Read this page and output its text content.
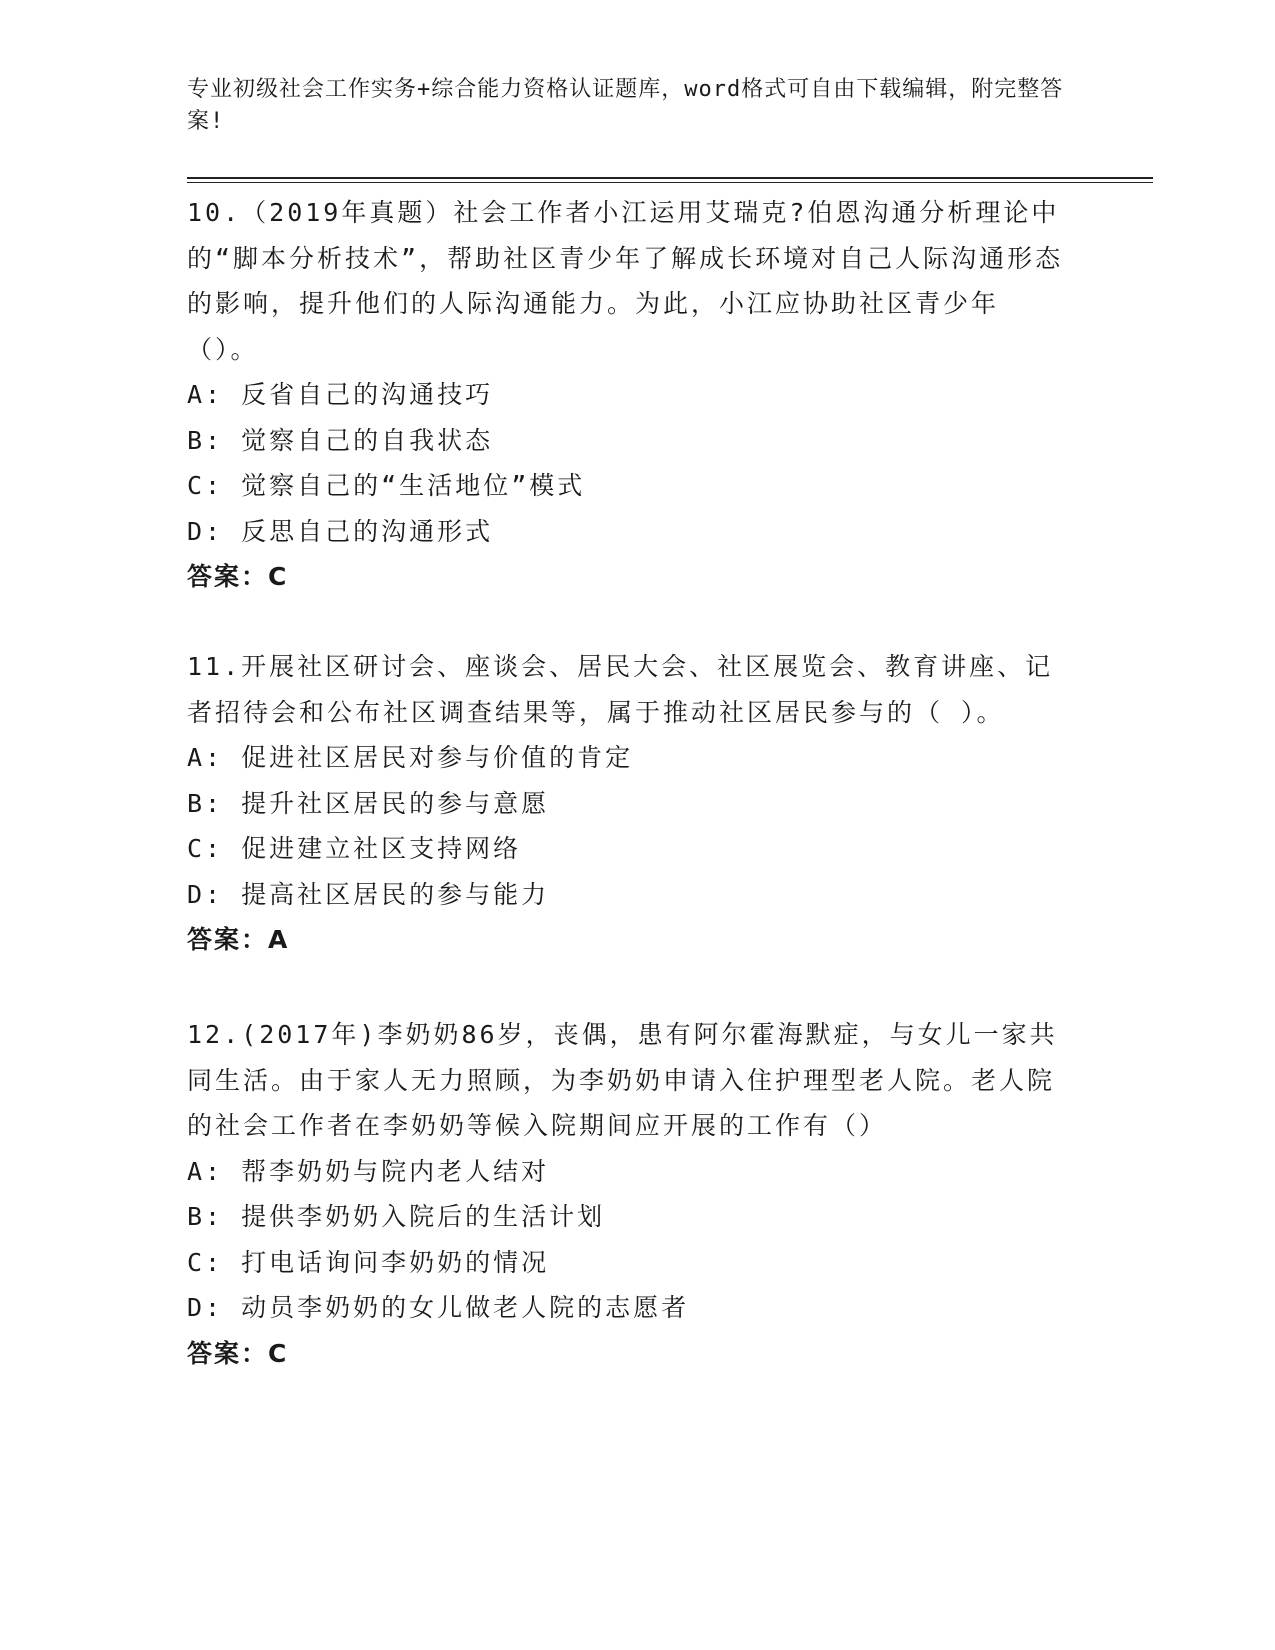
专业初级社会工作实务+综合能力资格认证题库，word格式可自由下载编辑，附完整答案!
10.（2019年真题）社会工作者小江运用艾瑞克?伯恩沟通分析理论中的“脚本分析技术”，帮助社区青少年了解成长环境对自己人际沟通形态的影响，提升他们的人际沟通能力。为此，小江应协助社区青少年（）。
A: 反省自己的沟通技巧
B: 觉察自己的自我状态
C: 觉察自己的“生活地位”模式
D: 反思自己的沟通形式
答案：C
11.开展社区研讨会、座谈会、居民大会、社区展览会、教育讲座、记者招待会和公布社区调查结果等，属于推动社区居民参与的（ ）。
A: 促进社区居民对参与价值的肯定
B: 提升社区居民的参与意愿
C: 促进建立社区支持网络
D: 提高社区居民的参与能力
答案：A
12.(2017年)李奶奶86岁，丧偶，患有阿尔霍海默症，与女儿一家共同生活。由于家人无力照顾，为李奶奶申请入住护理型老人院。老人院的社会工作者在李奶奶等候入院期间应开展的工作有（）
A: 帮李奶奶与院内老人结对
B: 提供李奶奶入院后的生活计划
C: 打电话询问李奶奶的情况
D: 动员李奶奶的女儿做老人院的志愿者
答案：C
